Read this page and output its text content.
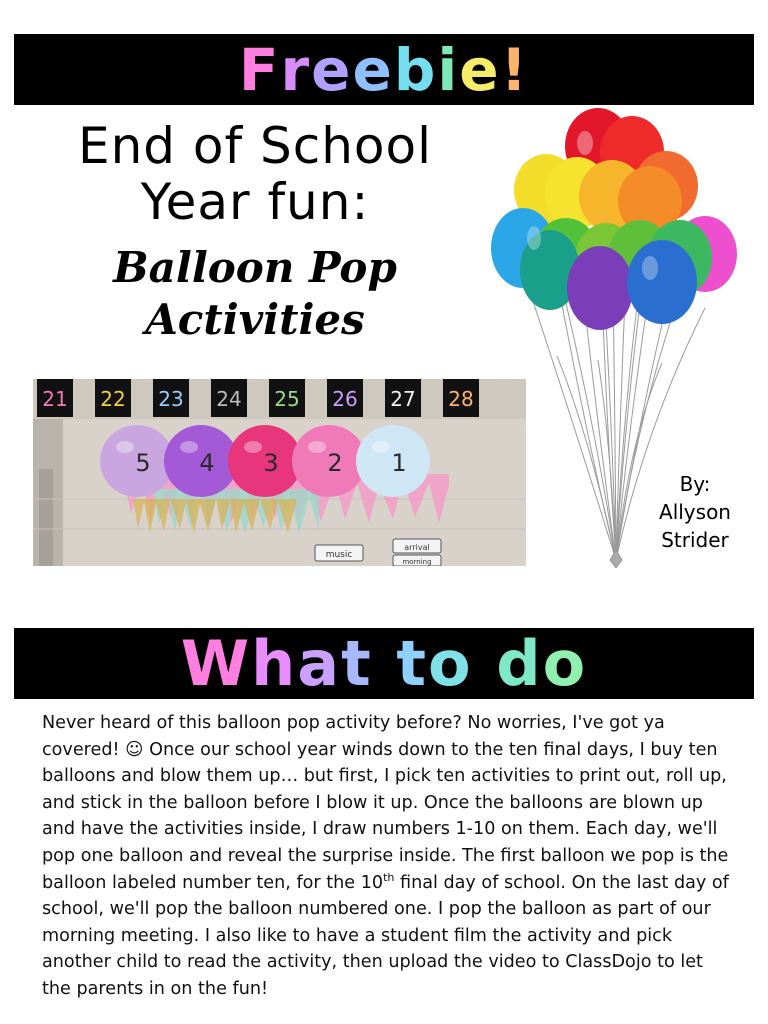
Freebie!
End of School
Year fun:
Balloon Pop
Activities
21 22 23 24 25 26 27 28
5 4 3 2 1
music
arrival
morning
By:
Allyson
Strider
What to do
Never heard of this balloon pop activity before? No worries, I've got ya covered! ☺ Once our school year winds down to the ten final days, I buy ten balloons and blow them up… but first, I pick ten activities to print out, roll up, and stick in the balloon before I blow it up. Once the balloons are blown up and have the activities inside, I draw numbers 1-10 on them. Each day, we'll pop one balloon and reveal the surprise inside. The first balloon we pop is the balloon labeled number ten, for the 10th final day of school. On the last day of school, we'll pop the balloon numbered one. I pop the balloon as part of our morning meeting. I also like to have a student film the activity and pick another child to read the activity, then upload the video to ClassDojo to let the parents in on the fun!
